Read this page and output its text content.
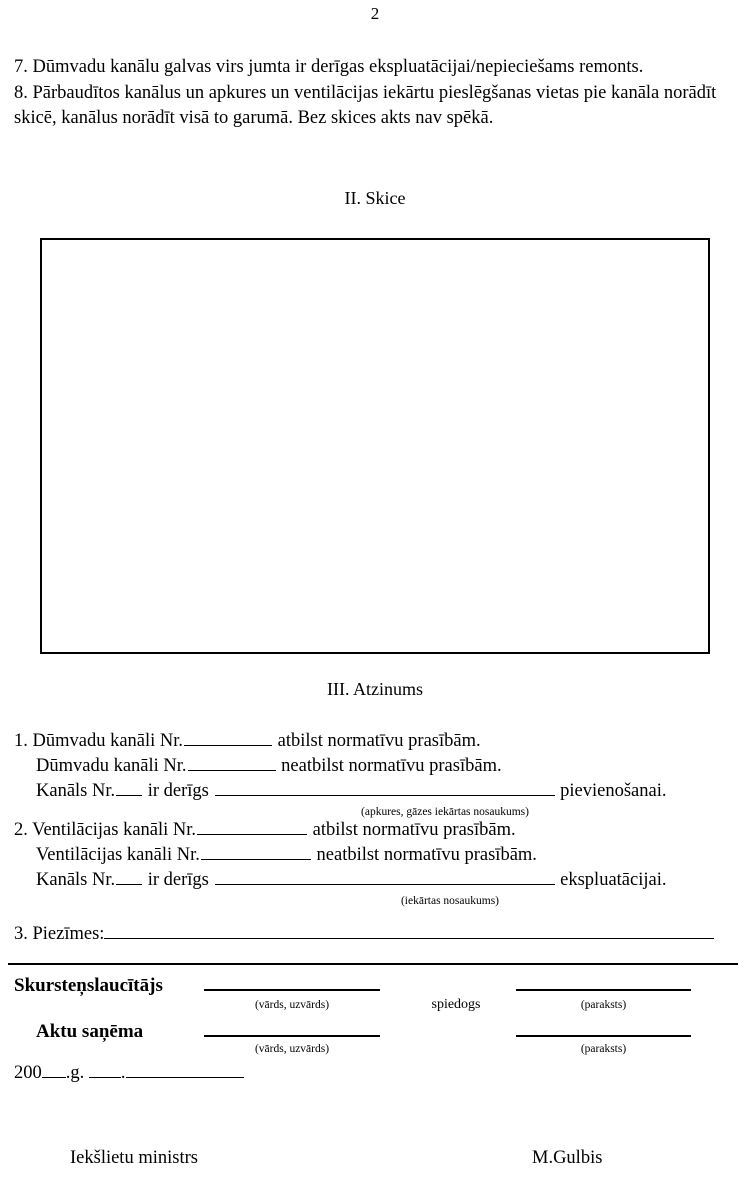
2

7. Dūmvadu kanālu galvas virs jumta ir derīgas ekspluatācijai/nepieciešams remonts.

8. Pārbaudītos kanālus un apkures un ventilācijas iekārtu pieslēgšanas vietas pie kanāla norādīt skicē, kanālus norādīt visā to garumā. Bez skices akts nav spēkā.

II. Skice
III. Atzinums
1. Dūmvadu kanāli Nr.	atbilst normatīvu prasībām.
Dūmvadu kanāli Nr.	neatbilst normatīvu prasībām.
Kanāls Nr. ir derīgs	pievienošanai.
(apkures, gāzes iekārtas nosaukums)
2. Ventilācijas kanāli Nr.	atbilst normatīvu prasībām.
Ventilācijas kanāli Nr.	neatbilst normatīvu prasībām.
Kanāls Nr. ir derīgs	ekspluatācijai.
(iekārtas nosaukums)
3. Piezīmes:
Skursteņslaucītājs
(vārds, uzvārds)	spiedogs	(paraksts)
Aktu saņēma
(vārds, uzvārds)	(paraksts)
200 .g. .
Iekšlietu ministrs	M.Gulbis
